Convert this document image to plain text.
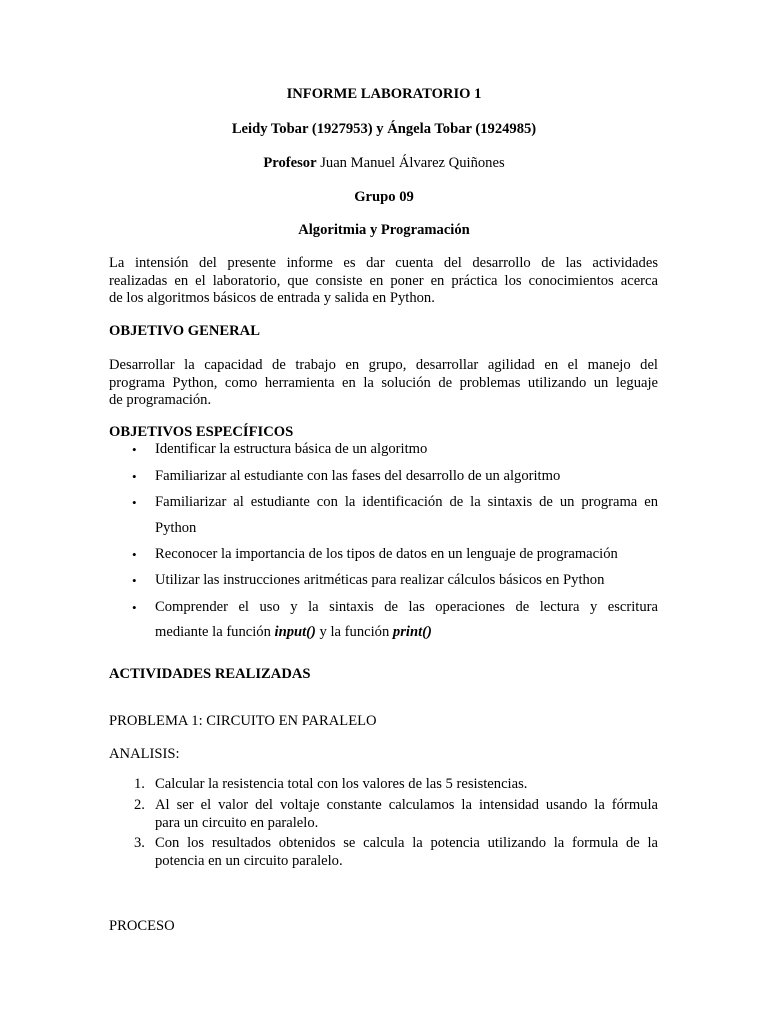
INFORME LABORATORIO 1
Leidy Tobar (1927953) y Ángela Tobar (1924985)
Profesor Juan Manuel Álvarez Quiñones
Grupo 09
Algoritmia y Programación
La intensión del presente informe es dar cuenta del desarrollo de las actividades
realizadas en el laboratorio, que consiste en poner en práctica los conocimientos acerca
de los algoritmos básicos de entrada y salida en Python.
OBJETIVO GENERAL
Desarrollar la capacidad de trabajo en grupo, desarrollar agilidad en el manejo del
programa Python, como herramienta en la solución de problemas utilizando un leguaje
de programación.
OBJETIVOS ESPECÍFICOS
• Identificar la estructura básica de un algoritmo
• Familiarizar al estudiante con las fases del desarrollo de un algoritmo
• Familiarizar al estudiante con la identificación de la sintaxis de un programa en
Python
• Reconocer la importancia de los tipos de datos en un lenguaje de programación
• Utilizar las instrucciones aritméticas para realizar cálculos básicos en Python
• Comprender el uso y la sintaxis de las operaciones de lectura y escritura
mediante la función input() y la función print()
ACTIVIDADES REALIZADAS
PROBLEMA 1: CIRCUITO EN PARALELO
ANALISIS:
1. Calcular la resistencia total con los valores de las 5 resistencias.
2. Al ser el valor del voltaje constante calculamos la intensidad usando la fórmula
para un circuito en paralelo.
3. Con los resultados obtenidos se calcula la potencia utilizando la formula de la
potencia en un circuito paralelo.
PROCESO
